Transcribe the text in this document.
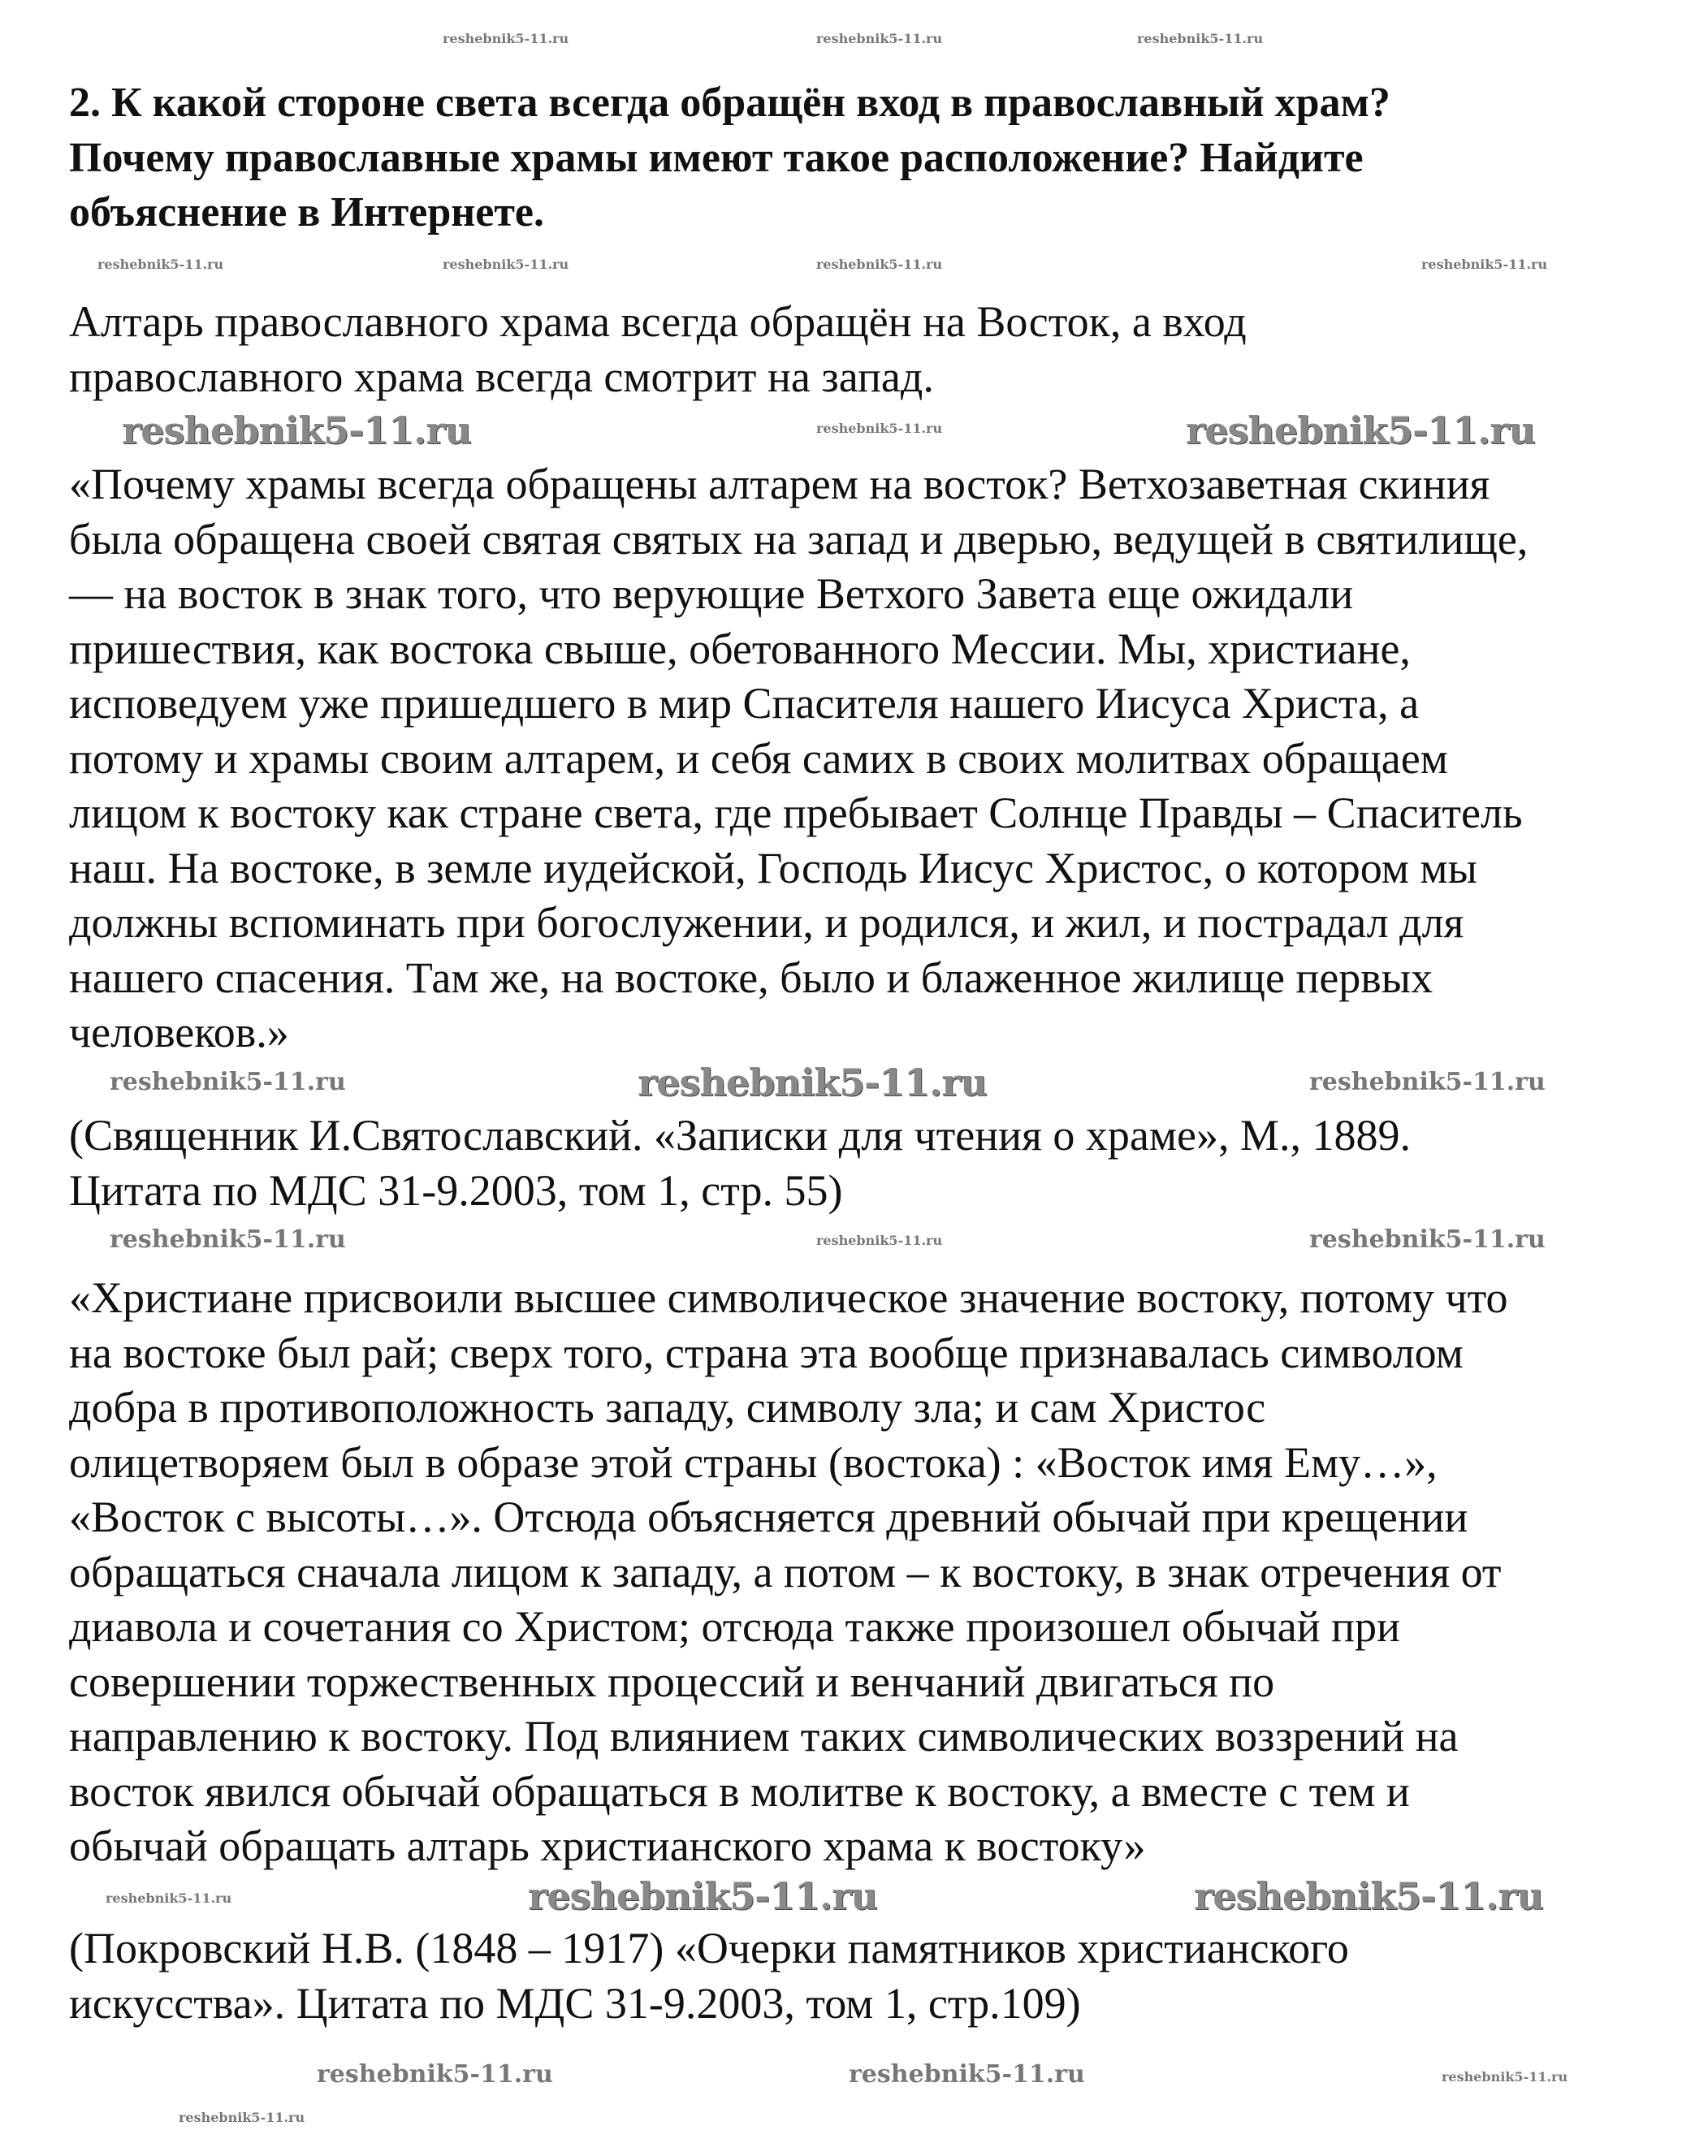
2. К какой стороне света всегда обращён вход в православный храм?
Почему православные храмы имеют такое расположение? Найдите
объяснение в Интернете.
Алтарь православного храма всегда обращён на Восток, а вход
православного храма всегда смотрит на запад.
«Почему храмы всегда обращены алтарем на восток? Ветхозаветная скиния
была обращена своей святая святых на запад и дверью, ведущей в святилище,
— на восток в знак того, что верующие Ветхого Завета еще ожидали
пришествия, как востока свыше, обетованного Мессии. Мы, христиане,
исповедуем уже пришедшего в мир Спасителя нашего Иисуса Христа, а
потому и храмы своим алтарем, и себя самих в своих молитвах обращаем
лицом к востоку как стране света, где пребывает Солнце Правды – Спаситель
наш. На востоке, в земле иудейской, Господь Иисус Христос, о котором мы
должны вспоминать при богослужении, и родился, и жил, и пострадал для
нашего спасения. Там же, на востоке, было и блаженное жилище первых
человеков.»
(Священник И.Святославский. «Записки для чтения о храме», М., 1889.
Цитата по МДС 31-9.2003, том 1, стр. 55)
«Христиане присвоили высшее символическое значение востоку, потому что
на востоке был рай; сверх того, страна эта вообще признавалась символом
добра в противоположность западу, символу зла; и сам Христос
олицетворяем был в образе этой страны (востока) : «Восток имя Ему…»,
«Восток с высоты…». Отсюда объясняется древний обычай при крещении
обращаться сначала лицом к западу, а потом – к востоку, в знак отречения от
диавола и сочетания со Христом; отсюда также произошел обычай при
совершении торжественных процессий и венчаний двигаться по
направлению к востоку. Под влиянием таких символических воззрений на
восток явился обычай обращаться в молитве к востоку, а вместе с тем и
обычай обращать алтарь христианского храма к востоку»
(Покровский Н.В. (1848 – 1917) «Очерки памятников христианского
искусства». Цитата по МДС 31-9.2003, том 1, стр.109)
reshebnik5-11.ru	reshebnik5-11.ru	reshebnik5-11.ru
reshebnik5-11.ru	reshebnik5-11.ru	reshebnik5-11.ru	reshebnik5-11.ru
reshebnik5-11.ru	reshebnik5-11.ru
reshebnik5-11.ru
reshebnik5-11.ru	reshebnik5-11.ru	reshebnik5-11.ru
reshebnik5-11.ru
reshebnik5-11.ru	reshebnik5-11.ru
reshebnik5-11.ru	reshebnik5-11.ru
reshebnik5-11.ru
reshebnik5-11.ru
reshebnik5-11.ru	reshebnik5-11.ru
reshebnik5-11.ru
